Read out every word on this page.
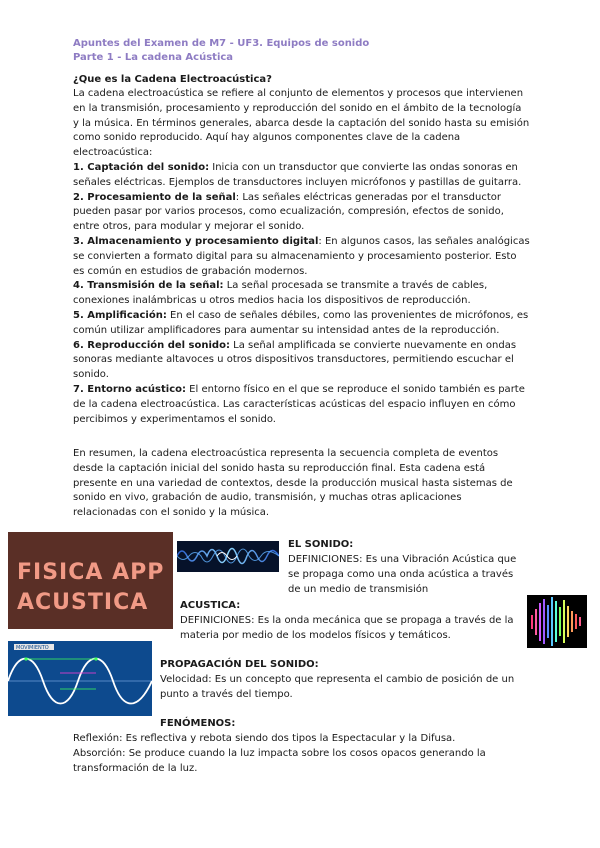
Apuntes del Examen de M7 - UF3. Equipos de sonido
Parte 1 - La cadena Acústica
¿Que es la Cadena Electroacústica?
La cadena electroacústica se refiere al conjunto de elementos y procesos que intervienen
en la transmisión, procesamiento y reproducción del sonido en el ámbito de la tecnología
y la música. En términos generales, abarca desde la captación del sonido hasta su emisión
como sonido reproducido. Aquí hay algunos componentes clave de la cadena
electroacústica:
1. Captación del sonido: Inicia con un transductor que convierte las ondas sonoras en
señales eléctricas. Ejemplos de transductores incluyen micrófonos y pastillas de guitarra.
2. Procesamiento de la señal: Las señales eléctricas generadas por el transductor
pueden pasar por varios procesos, como ecualización, compresión, efectos de sonido,
entre otros, para modular y mejorar el sonido.
3. Almacenamiento y procesamiento digital: En algunos casos, las señales analógicas
se convierten a formato digital para su almacenamiento y procesamiento posterior. Esto
es común en estudios de grabación modernos.
4. Transmisión de la señal: La señal procesada se transmite a través de cables,
conexiones inalámbricas u otros medios hacia los dispositivos de reproducción.
5. Amplificación: En el caso de señales débiles, como las provenientes de micrófonos, es
común utilizar amplificadores para aumentar su intensidad antes de la reproducción.
6. Reproducción del sonido: La señal amplificada se convierte nuevamente en ondas
sonoras mediante altavoces u otros dispositivos transductores, permitiendo escuchar el
sonido.
7. Entorno acústico: El entorno físico en el que se reproduce el sonido también es parte
de la cadena electroacústica. Las características acústicas del espacio influyen en cómo
percibimos y experimentamos el sonido.
En resumen, la cadena electroacústica representa la secuencia completa de eventos
desde la captación inicial del sonido hasta su reproducción final. Esta cadena está
presente en una variedad de contextos, desde la producción musical hasta sistemas de
sonido en vivo, grabación de audio, transmisión, y muchas otras aplicaciones
relacionadas con el sonido y la música.
FISICA APP
ACUSTICA
MOVIMIENTO
EL SONIDO:
DEFINICIONES: Es una Vibración Acústica que
se propaga como una onda acústica a través
de un medio de transmisión
ACUSTICA:
DEFINICIONES: Es la onda mecánica que se propaga a través de la
materia por medio de los modelos físicos y temáticos.
PROPAGACIÓN DEL SONIDO:
Velocidad: Es un concepto que representa el cambio de posición de un
punto a través del tiempo.
FENÓMENOS:
Reflexión: Es reflectiva y rebota siendo dos tipos la Espectacular y la Difusa.
Absorción: Se produce cuando la luz impacta sobre los cosos opacos generando la
transformación de la luz.
